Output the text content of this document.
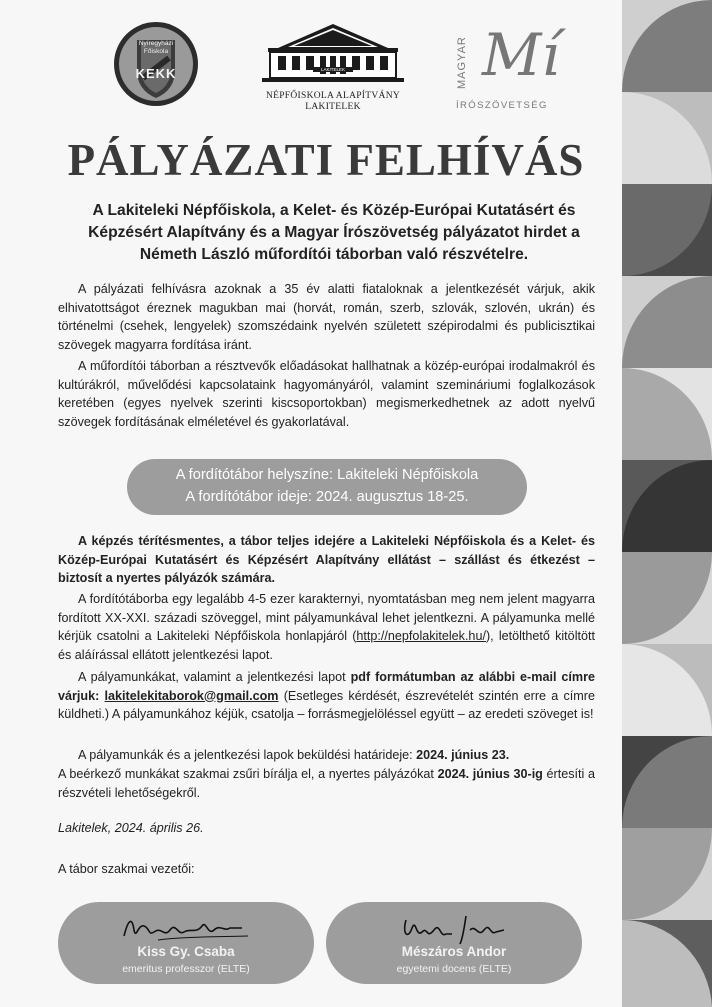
Nyíregyházi
Főiskola
KEKK	LAKITELEK
NÉPFŐISKOLA ALAPÍTVÁNY
LAKITELEK
MAGYAR Mí
ÍRÓSZÖVETSÉG
PÁLYÁZATI FELHÍVÁS

A Lakiteleki Népfőiskola, a Kelet- és Közép-Európai Kutatásért és Képzésért Alapítvány és a Magyar Írószövetség pályázatot hirdet a Németh László műfordítói táborban való részvételre.

A pályázati felhívásra azoknak a 35 év alatti fiataloknak a jelentkezését várjuk, akik elhivatottságot éreznek magukban mai (horvát, román, szerb, szlovák, szlovén, ukrán) és történelmi (csehek, lengyelek) szomszédaink nyelvén született szépirodalmi és publicisztikai szövegek magyarra fordítása iránt.

A műfordítói táborban a résztvevők előadásokat hallhatnak a közép-európai irodalmakról és kultúrákról, művelődési kapcsolataink hagyományáról, valamint szemináriumi foglalkozások keretében (egyes nyelvek szerinti kiscsoportokban) megismerkedhetnek az adott nyelvű szövegek fordításának elméletével és gyakorlatával.

A fordítótábor helyszíne: Lakiteleki Népfőiskola
A fordítótábor ideje: 2024. augusztus 18-25.

A képzés térítésmentes, a tábor teljes idejére a Lakiteleki Népfőiskola és a Kelet- és Közép-Európai Kutatásért és Képzésért Alapítvány ellátást – szállást és étkezést – biztosít a nyertes pályázók számára.

A fordítótáborba egy legalább 4-5 ezer karakternyi, nyomtatásban meg nem jelent magyarra fordított XX-XXI. századi szöveggel, mint pályamunkával lehet jelentkezni. A pályamunka mellé kérjük csatolni a Lakiteleki Népfőiskola honlapjáról (http://nepfolakitelek.hu/), letölthető kitöltött és aláírással ellátott jelentkezési lapot.

A pályamunkákat, valamint a jelentkezési lapot pdf formátumban az alábbi e-mail címre várjuk: lakitelekitaborok@gmail.com (Esetleges kérdését, észrevételét szintén erre a címre küldheti.) A pályamunkához kéjük, csatolja – forrásmegjelöléssel együtt – az eredeti szöveget is!

A pályamunkák és a jelentkezési lapok beküldési határideje: 2024. június 23.

A beérkező munkákat szakmai zsűri bírálja el, a nyertes pályázókat 2024. június 30-ig értesíti a részvételi lehetőségekről.

Lakitelek, 2024. április 26.
A tábor szakmai vezetői:
Kiss Gy. Csaba
emeritus professzor (ELTE)
Mészáros Andor
egyetemi docens (ELTE)
